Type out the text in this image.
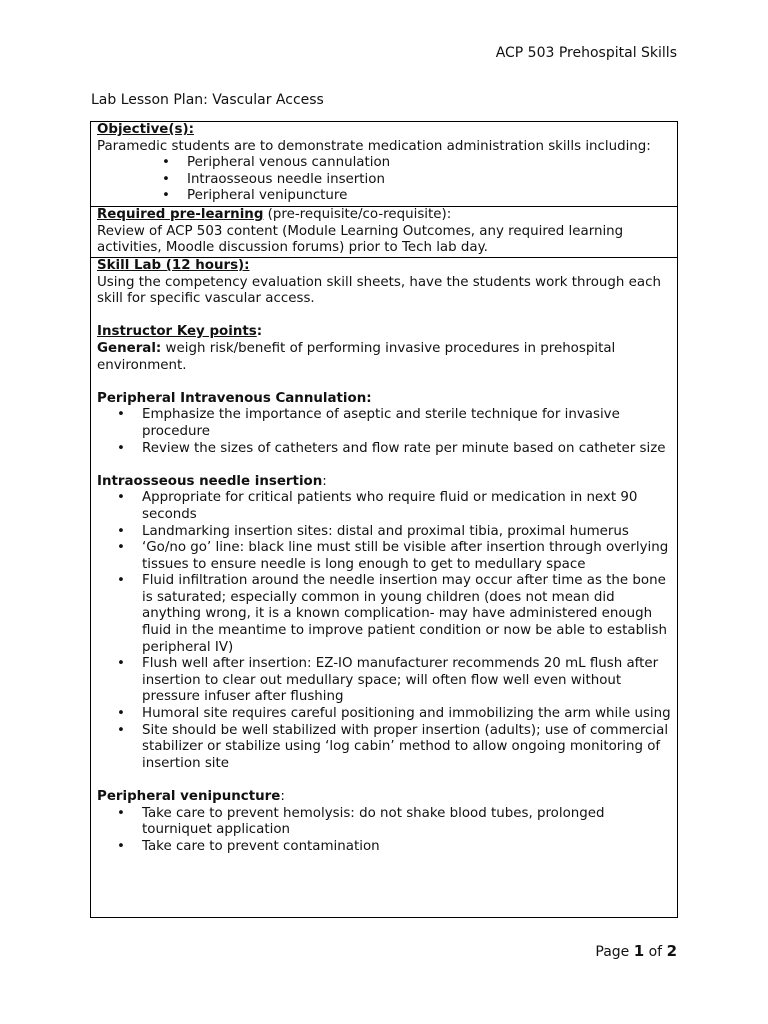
ACP 503 Prehospital Skills
Lab Lesson Plan: Vascular Access

Objective(s):

Paramedic students are to demonstrate medication administration skills including:

• Peripheral venous cannulation
• Intraosseous needle insertion
• Peripheral venipuncture

Required pre-learning (pre-requisite/co-requisite):

Review of ACP 503 content (Module Learning Outcomes, any required learning activities, Moodle discussion forums) prior to Tech lab day.

Skill Lab (12 hours):

Using the competency evaluation skill sheets, have the students work through each skill for specific vascular access.

Instructor Key points:

General: weigh risk/benefit of performing invasive procedures in prehospital environment.

Peripheral Intravenous Cannulation:

• Emphasize the importance of aseptic and sterile technique for invasive procedure
• Review the sizes of catheters and flow rate per minute based on catheter size

Intraosseous needle insertion:

• Appropriate for critical patients who require fluid or medication in next 90 seconds
• Landmarking insertion sites: distal and proximal tibia, proximal humerus
• ‘Go/no go’ line: black line must still be visible after insertion through overlying tissues to ensure needle is long enough to get to medullary space
• Fluid infiltration around the needle insertion may occur after time as the bone is saturated; especially common in young children (does not mean did anything wrong, it is a known complication- may have administered enough fluid in the meantime to improve patient condition or now be able to establish peripheral IV)
• Flush well after insertion: EZ-IO manufacturer recommends 20 mL flush after insertion to clear out medullary space; will often flow well even without pressure infuser after flushing
• Humoral site requires careful positioning and immobilizing the arm while using
• Site should be well stabilized with proper insertion (adults); use of commercial stabilizer or stabilize using ‘log cabin’ method to allow ongoing monitoring of insertion site

Peripheral venipuncture:

• Take care to prevent hemolysis: do not shake blood tubes, prolonged tourniquet application
• Take care to prevent contamination
Page 1 of 2
